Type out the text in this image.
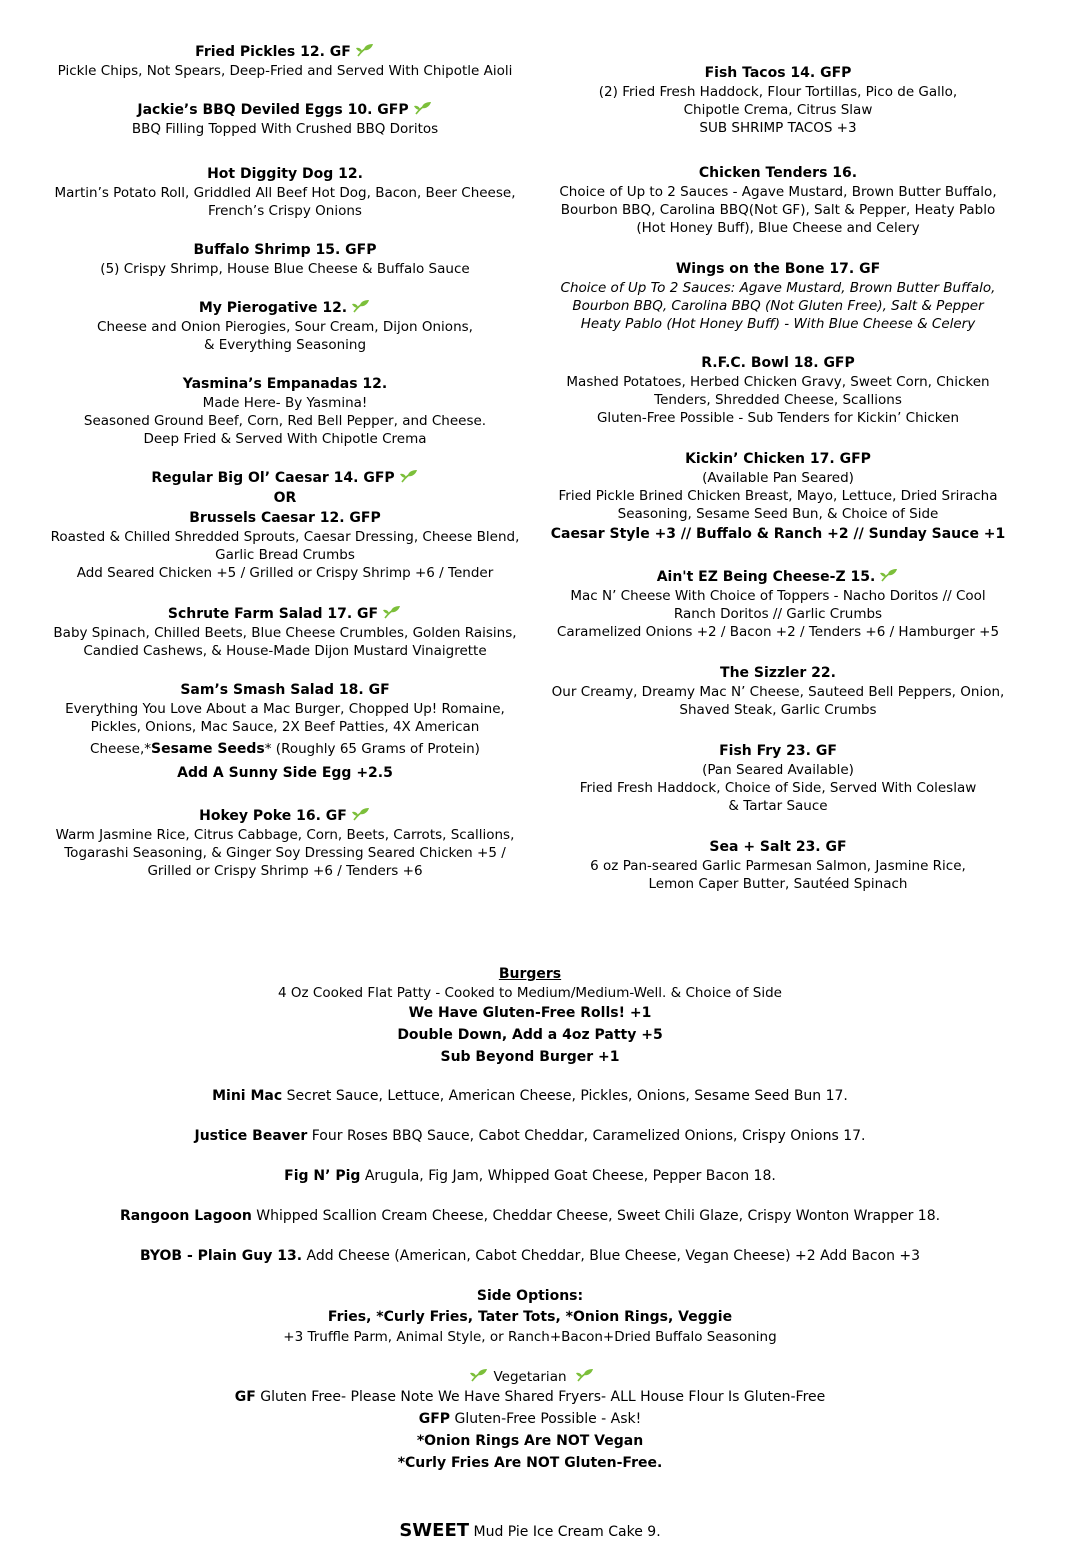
Fried Pickles 12. GF
Pickle Chips, Not Spears, Deep-Fried and Served With Chipotle Aioli
Jackie’s BBQ Deviled Eggs 10. GFP
BBQ Filling Topped With Crushed BBQ Doritos
Hot Diggity Dog 12.
Martin’s Potato Roll, Griddled All Beef Hot Dog, Bacon, Beer Cheese,
French’s Crispy Onions
Buffalo Shrimp 15. GFP
(5) Crispy Shrimp, House Blue Cheese & Buffalo Sauce
My Pierogative 12.
Cheese and Onion Pierogies, Sour Cream, Dijon Onions,
& Everything Seasoning
Yasmina’s Empanadas 12.
Made Here- By Yasmina!
Seasoned Ground Beef, Corn, Red Bell Pepper, and Cheese.
Deep Fried & Served With Chipotle Crema
Regular Big Ol’ Caesar 14. GFP
OR
Brussels Caesar 12. GFP
Roasted & Chilled Shredded Sprouts, Caesar Dressing, Cheese Blend,
Garlic Bread Crumbs
Add Seared Chicken +5 / Grilled or Crispy Shrimp +6 / Tender
Schrute Farm Salad 17. GF
Baby Spinach, Chilled Beets, Blue Cheese Crumbles, Golden Raisins,
Candied Cashews, & House-Made Dijon Mustard Vinaigrette
Sam’s Smash Salad 18. GF
Everything You Love About a Mac Burger, Chopped Up! Romaine,
Pickles, Onions, Mac Sauce, 2X Beef Patties, 4X American
Cheese,*Sesame Seeds* (Roughly 65 Grams of Protein)
Add A Sunny Side Egg +2.5
Hokey Poke 16. GF
Warm Jasmine Rice, Citrus Cabbage, Corn, Beets, Carrots, Scallions,
Togarashi Seasoning, & Ginger Soy Dressing Seared Chicken +5 /
Grilled or Crispy Shrimp +6 / Tenders +6
Fish Tacos 14. GFP
(2) Fried Fresh Haddock, Flour Tortillas, Pico de Gallo,
Chipotle Crema, Citrus Slaw
SUB SHRIMP TACOS +3
Chicken Tenders 16.
Choice of Up to 2 Sauces - Agave Mustard, Brown Butter Buffalo,
Bourbon BBQ, Carolina BBQ(Not GF), Salt & Pepper, Heaty Pablo
(Hot Honey Buff), Blue Cheese and Celery
Wings on the Bone 17. GF
Choice of Up To 2 Sauces: Agave Mustard, Brown Butter Buffalo,
Bourbon BBQ, Carolina BBQ (Not Gluten Free), Salt & Pepper
Heaty Pablo (Hot Honey Buff) - With Blue Cheese & Celery
R.F.C. Bowl 18. GFP
Mashed Potatoes, Herbed Chicken Gravy, Sweet Corn, Chicken
Tenders, Shredded Cheese, Scallions
Gluten-Free Possible - Sub Tenders for Kickin’ Chicken
Kickin’ Chicken 17. GFP
(Available Pan Seared)
Fried Pickle Brined Chicken Breast, Mayo, Lettuce, Dried Sriracha
Seasoning, Sesame Seed Bun, & Choice of Side
Caesar Style +3 // Buffalo & Ranch +2 // Sunday Sauce +1
Ain't EZ Being Cheese-Z 15.
Mac N’ Cheese With Choice of Toppers - Nacho Doritos // Cool
Ranch Doritos // Garlic Crumbs
Caramelized Onions +2 / Bacon +2 / Tenders +6 / Hamburger +5
The Sizzler 22.
Our Creamy, Dreamy Mac N’ Cheese, Sauteed Bell Peppers, Onion,
Shaved Steak, Garlic Crumbs
Fish Fry 23. GF
(Pan Seared Available)
Fried Fresh Haddock, Choice of Side, Served With Coleslaw
& Tartar Sauce
Sea + Salt 23. GF
6 oz Pan-seared Garlic Parmesan Salmon, Jasmine Rice,
Lemon Caper Butter, Sautéed Spinach
Burgers
4 Oz Cooked Flat Patty - Cooked to Medium/Medium-Well. & Choice of Side
We Have Gluten-Free Rolls! +1
Double Down, Add a 4oz Patty +5
Sub Beyond Burger +1
Mini Mac Secret Sauce, Lettuce, American Cheese, Pickles, Onions, Sesame Seed Bun 17.
Justice Beaver Four Roses BBQ Sauce, Cabot Cheddar, Caramelized Onions, Crispy Onions 17.
Fig N’ Pig Arugula, Fig Jam, Whipped Goat Cheese, Pepper Bacon 18.
Rangoon Lagoon Whipped Scallion Cream Cheese, Cheddar Cheese, Sweet Chili Glaze, Crispy Wonton Wrapper 18.
BYOB - Plain Guy 13. Add Cheese (American, Cabot Cheddar, Blue Cheese, Vegan Cheese) +2 Add Bacon +3
Side Options:
Fries, *Curly Fries, Tater Tots, *Onion Rings, Veggie
+3 Truffle Parm, Animal Style, or Ranch+Bacon+Dried Buffalo Seasoning
Vegetarian
GF Gluten Free- Please Note We Have Shared Fryers- ALL House Flour Is Gluten-Free
GFP Gluten-Free Possible - Ask!
*Onion Rings Are NOT Vegan
*Curly Fries Are NOT Gluten-Free.
SWEET Mud Pie Ice Cream Cake 9.
